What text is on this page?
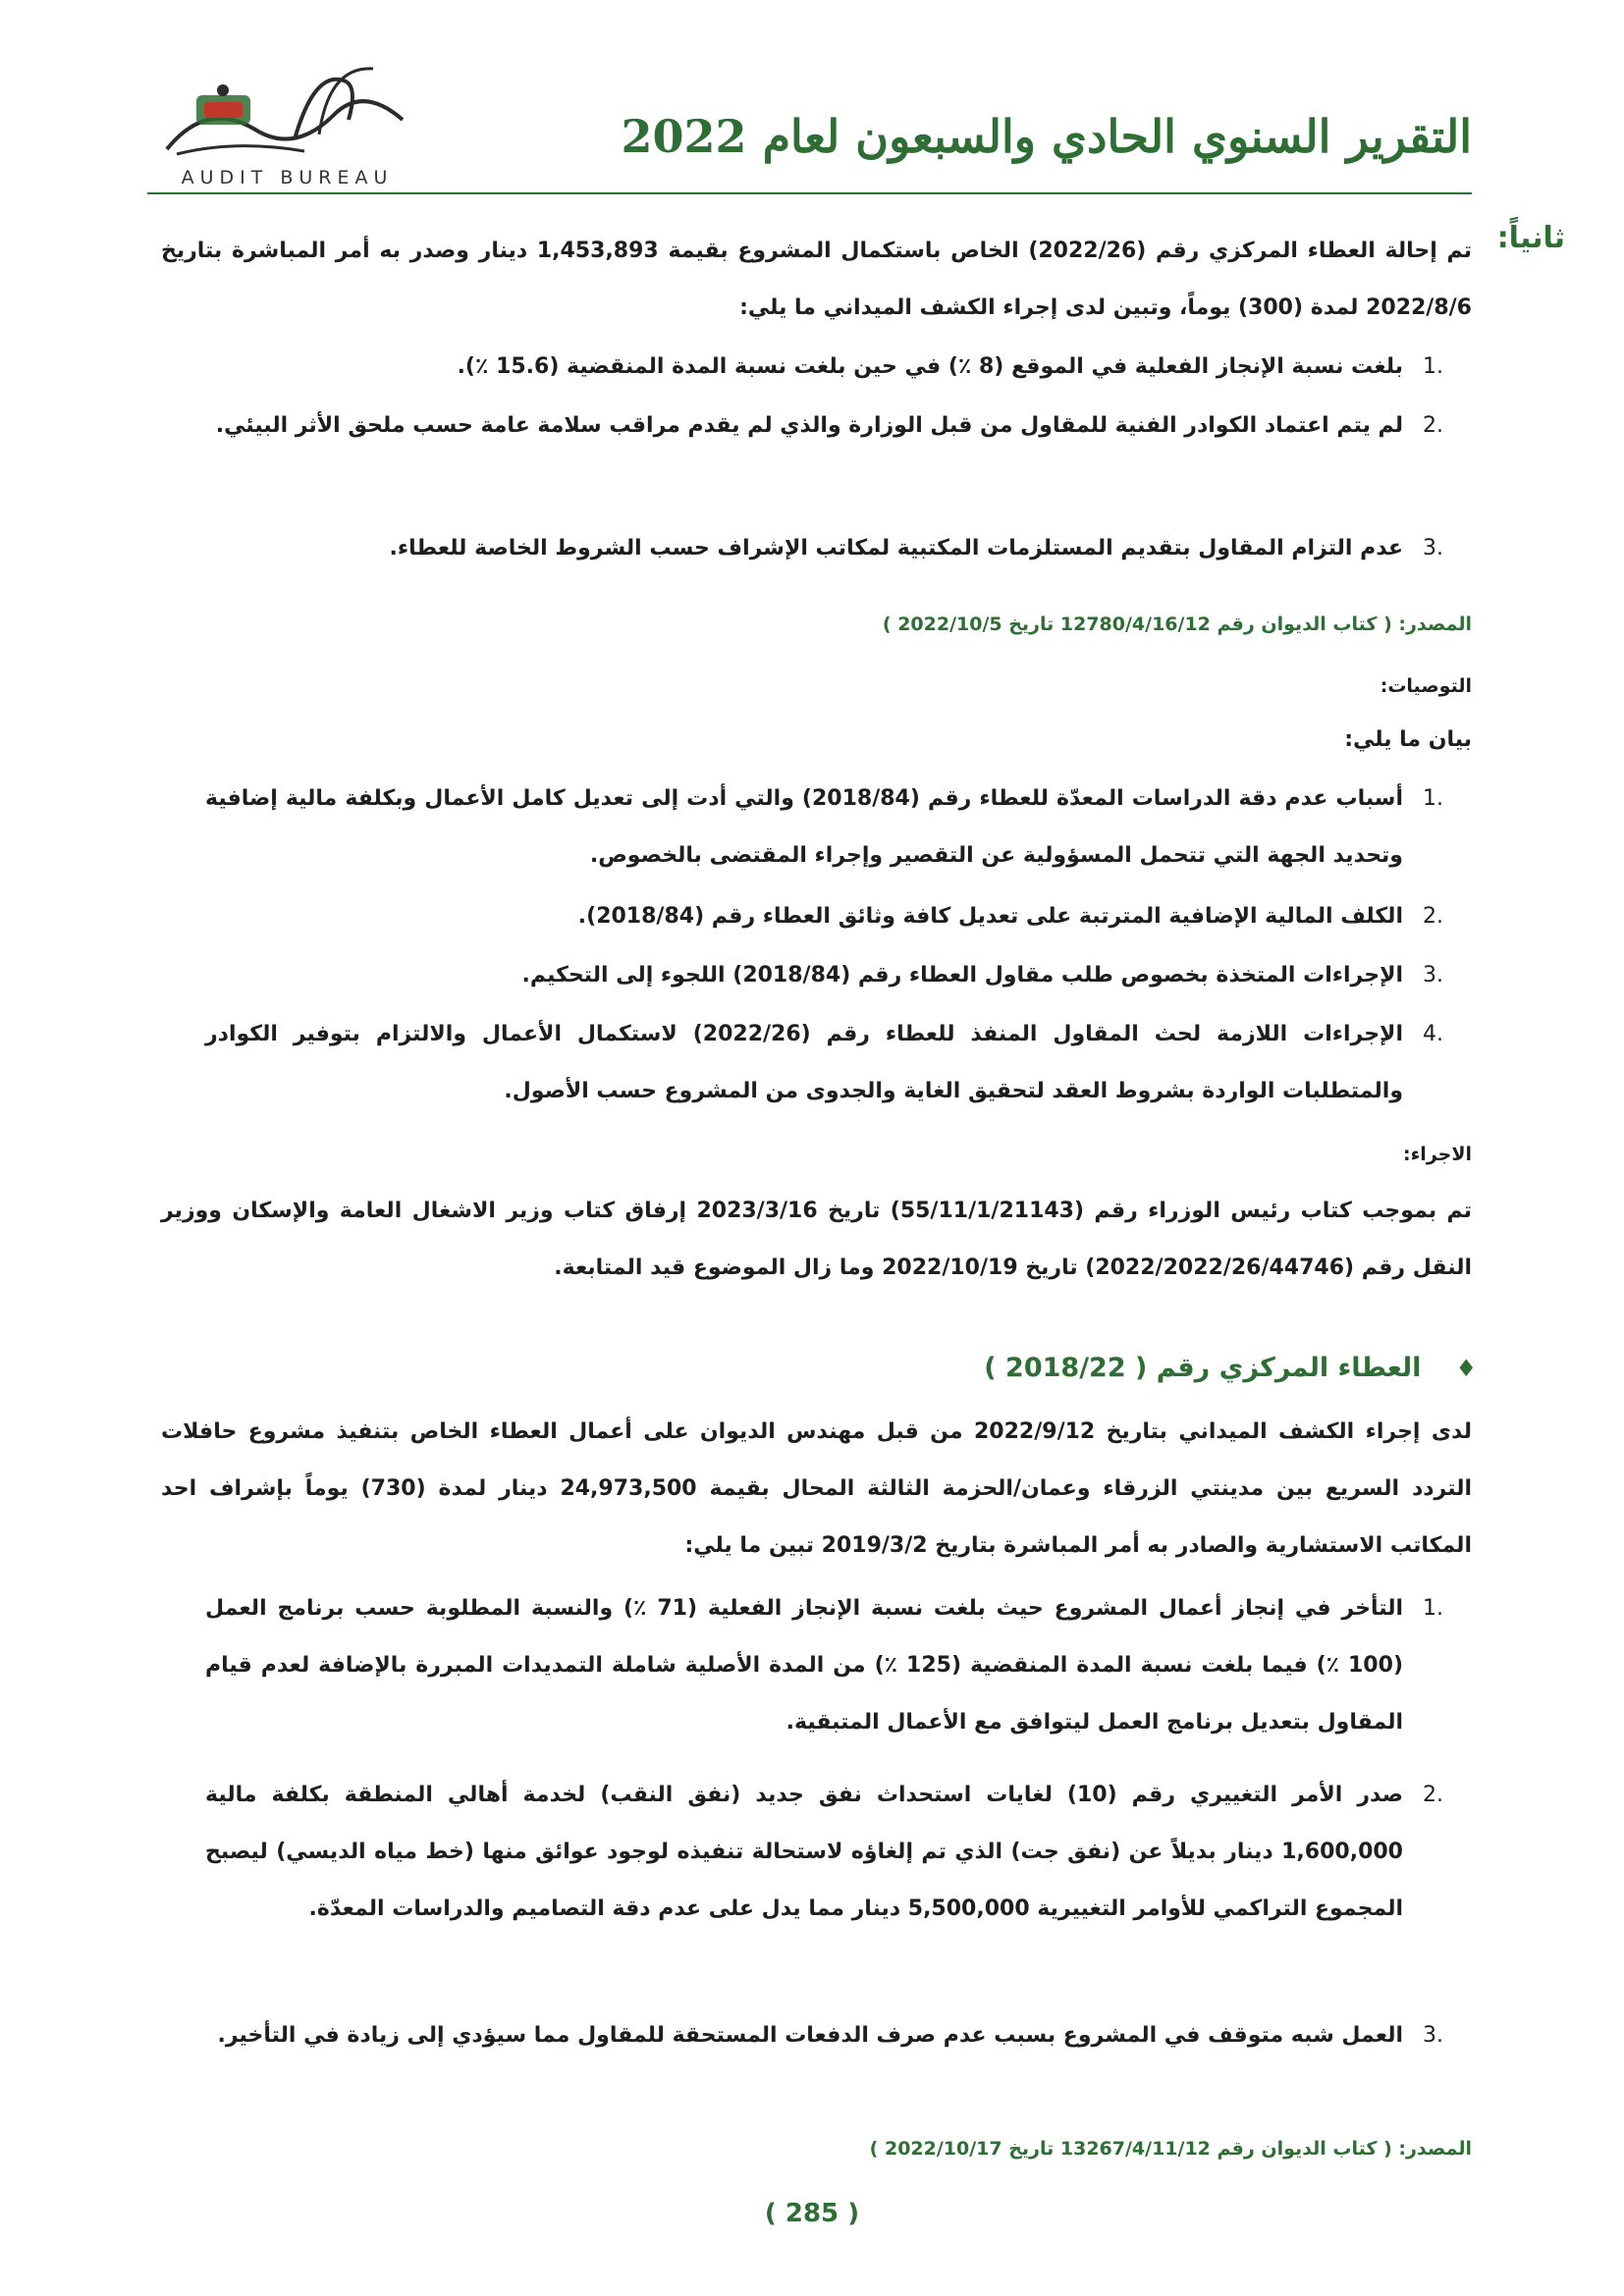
التقرير السنوي الحادي والسبعون لعام 2022
AUDIT BUREAU
ثانياً:
تم إحالة العطاء المركزي رقم (2022/26) الخاص باستكمال المشروع بقيمة 1,453,893 دينار وصدر به أمر المباشرة بتاريخ 2022/8/6 لمدة (300) يوماً، وتبين لدى إجراء الكشف الميداني ما يلي:
1.
بلغت نسبة الإنجاز الفعلية في الموقع (8 ٪) في حين بلغت نسبة المدة المنقضية (15.6 ٪).
2.
لم يتم اعتماد الكوادر الفنية للمقاول من قبل الوزارة والذي لم يقدم مراقب سلامة عامة حسب ملحق الأثر البيئي.
3.
عدم التزام المقاول بتقديم المستلزمات المكتبية لمكاتب الإشراف حسب الشروط الخاصة للعطاء.
المصدر: ( كتاب الديوان رقم 12780/4/16/12 تاريخ 2022/10/5 )
التوصيات:
بيان ما يلي:
1.
أسباب عدم دقة الدراسات المعدّة للعطاء رقم (2018/84) والتي أدت إلى تعديل كامل الأعمال وبكلفة مالية إضافية وتحديد الجهة التي تتحمل المسؤولية عن التقصير وإجراء المقتضى بالخصوص.
2.
الكلف المالية الإضافية المترتبة على تعديل كافة وثائق العطاء رقم (2018/84).
3.
الإجراءات المتخذة بخصوص طلب مقاول العطاء رقم (2018/84) اللجوء إلى التحكيم.
4.
الإجراءات اللازمة لحث المقاول المنفذ للعطاء رقم (2022/26) لاستكمال الأعمال والالتزام بتوفير الكوادر والمتطلبات الواردة بشروط العقد لتحقيق الغاية والجدوى من المشروع حسب الأصول.
الاجراء:
تم بموجب كتاب رئيس الوزراء رقم (55/11/1/21143) تاريخ 2023/3/16 إرفاق كتاب وزير الاشغال العامة والإسكان ووزير النقل رقم (2022/2022/26/44746) تاريخ 2022/10/19 وما زال الموضوع قيد المتابعة.
♦ العطاء المركزي رقم ( 2018/22 )
لدى إجراء الكشف الميداني بتاريخ 2022/9/12 من قبل مهندس الديوان على أعمال العطاء الخاص بتنفيذ مشروع حافلات التردد السريع بين مدينتي الزرقاء وعمان/الحزمة الثالثة المحال بقيمة 24,973,500 دينار لمدة (730) يوماً بإشراف احد المكاتب الاستشارية والصادر به أمر المباشرة بتاريخ 2019/3/2 تبين ما يلي:
1.
التأخر في إنجاز أعمال المشروع حيث بلغت نسبة الإنجاز الفعلية (71 ٪) والنسبة المطلوبة حسب برنامج العمل (100 ٪) فيما بلغت نسبة المدة المنقضية (125 ٪) من المدة الأصلية شاملة التمديدات المبررة بالإضافة لعدم قيام المقاول بتعديل برنامج العمل ليتوافق مع الأعمال المتبقية.
2.
صدر الأمر التغييري رقم (10) لغايات استحداث نفق جديد (نفق النقب) لخدمة أهالي المنطقة بكلفة مالية 1,600,000 دينار بديلاً عن (نفق جت) الذي تم إلغاؤه لاستحالة تنفيذه لوجود عوائق منها (خط مياه الديسي) ليصبح المجموع التراكمي للأوامر التغييرية 5,500,000 دينار مما يدل على عدم دقة التصاميم والدراسات المعدّة.
3.
العمل شبه متوقف في المشروع بسبب عدم صرف الدفعات المستحقة للمقاول مما سيؤدي إلى زيادة في التأخير.
المصدر: ( كتاب الديوان رقم 13267/4/11/12 تاريخ 2022/10/17 )
( 285 )
